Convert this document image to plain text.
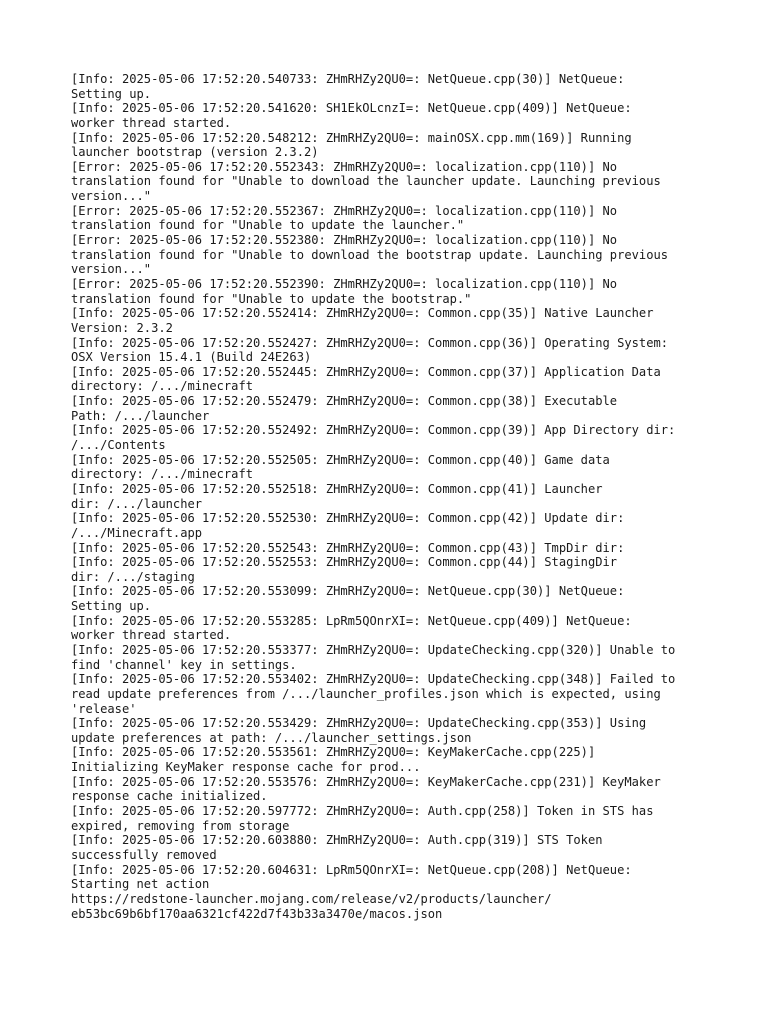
[Info: 2025-05-06 17:52:20.540733: ZHmRHZy2QU0=: NetQueue.cpp(30)] NetQueue:
Setting up.
[Info: 2025-05-06 17:52:20.541620: SH1EkOLcnzI=: NetQueue.cpp(409)] NetQueue:
worker thread started.
[Info: 2025-05-06 17:52:20.548212: ZHmRHZy2QU0=: mainOSX.cpp.mm(169)] Running
launcher bootstrap (version 2.3.2)
[Error: 2025-05-06 17:52:20.552343: ZHmRHZy2QU0=: localization.cpp(110)] No
translation found for "Unable to download the launcher update. Launching previous
version..."
[Error: 2025-05-06 17:52:20.552367: ZHmRHZy2QU0=: localization.cpp(110)] No
translation found for "Unable to update the launcher."
[Error: 2025-05-06 17:52:20.552380: ZHmRHZy2QU0=: localization.cpp(110)] No
translation found for "Unable to download the bootstrap update. Launching previous
version..."
[Error: 2025-05-06 17:52:20.552390: ZHmRHZy2QU0=: localization.cpp(110)] No
translation found for "Unable to update the bootstrap."
[Info: 2025-05-06 17:52:20.552414: ZHmRHZy2QU0=: Common.cpp(35)] Native Launcher
Version: 2.3.2
[Info: 2025-05-06 17:52:20.552427: ZHmRHZy2QU0=: Common.cpp(36)] Operating System:
OSX Version 15.4.1 (Build 24E263)
[Info: 2025-05-06 17:52:20.552445: ZHmRHZy2QU0=: Common.cpp(37)] Application Data
directory: /.../minecraft
[Info: 2025-05-06 17:52:20.552479: ZHmRHZy2QU0=: Common.cpp(38)] Executable
Path: /.../launcher
[Info: 2025-05-06 17:52:20.552492: ZHmRHZy2QU0=: Common.cpp(39)] App Directory dir:
/.../Contents
[Info: 2025-05-06 17:52:20.552505: ZHmRHZy2QU0=: Common.cpp(40)] Game data
directory: /.../minecraft
[Info: 2025-05-06 17:52:20.552518: ZHmRHZy2QU0=: Common.cpp(41)] Launcher
dir: /.../launcher
[Info: 2025-05-06 17:52:20.552530: ZHmRHZy2QU0=: Common.cpp(42)] Update dir:
/.../Minecraft.app
[Info: 2025-05-06 17:52:20.552543: ZHmRHZy2QU0=: Common.cpp(43)] TmpDir dir:
[Info: 2025-05-06 17:52:20.552553: ZHmRHZy2QU0=: Common.cpp(44)] StagingDir
dir: /.../staging
[Info: 2025-05-06 17:52:20.553099: ZHmRHZy2QU0=: NetQueue.cpp(30)] NetQueue:
Setting up.
[Info: 2025-05-06 17:52:20.553285: LpRm5QOnrXI=: NetQueue.cpp(409)] NetQueue:
worker thread started.
[Info: 2025-05-06 17:52:20.553377: ZHmRHZy2QU0=: UpdateChecking.cpp(320)] Unable to
find 'channel' key in settings.
[Info: 2025-05-06 17:52:20.553402: ZHmRHZy2QU0=: UpdateChecking.cpp(348)] Failed to
read update preferences from /.../launcher_profiles.json which is expected, using
'release'
[Info: 2025-05-06 17:52:20.553429: ZHmRHZy2QU0=: UpdateChecking.cpp(353)] Using
update preferences at path: /.../launcher_settings.json
[Info: 2025-05-06 17:52:20.553561: ZHmRHZy2QU0=: KeyMakerCache.cpp(225)]
Initializing KeyMaker response cache for prod...
[Info: 2025-05-06 17:52:20.553576: ZHmRHZy2QU0=: KeyMakerCache.cpp(231)] KeyMaker
response cache initialized.
[Info: 2025-05-06 17:52:20.597772: ZHmRHZy2QU0=: Auth.cpp(258)] Token in STS has
expired, removing from storage
[Info: 2025-05-06 17:52:20.603880: ZHmRHZy2QU0=: Auth.cpp(319)] STS Token
successfully removed
[Info: 2025-05-06 17:52:20.604631: LpRm5QOnrXI=: NetQueue.cpp(208)] NetQueue:
Starting net action
https://redstone-launcher.mojang.com/release/v2/products/launcher/
eb53bc69b6bf170aa6321cf422d7f43b33a3470e/macos.json
